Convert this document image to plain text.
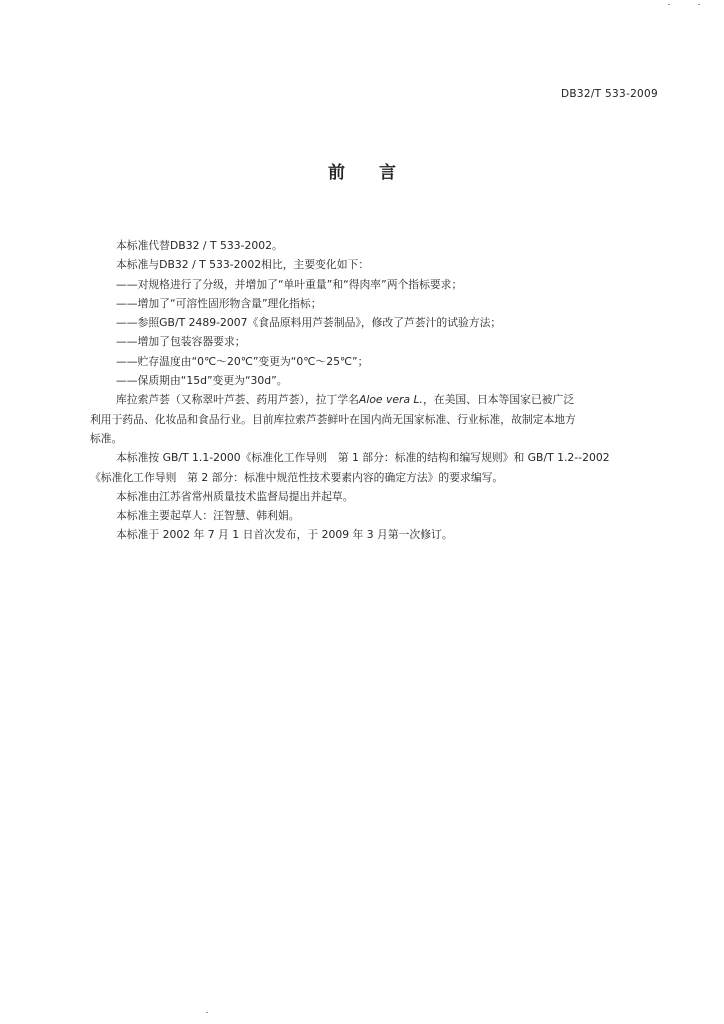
DB32/T 533-2009
前言

本标准代替DB32 / T 533-2002。

本标准与DB32 / T 533-2002相比，主要变化如下：

——对规格进行了分级，并增加了“单叶重量”和“得肉率”两个指标要求；

——增加了“可溶性固形物含量”理化指标；

——参照GB/T 2489-2007《食品原料用芦荟制品》，修改了芦荟汁的试验方法；

——增加了包装容器要求；

——贮存温度由“0℃～20℃”变更为“0℃～25℃”；

——保质期由“15d”变更为“30d”。

库拉索芦荟（又称翠叶芦荟、药用芦荟），拉丁学名Aloe vera L.，在美国、日本等国家已被广泛

利用于药品、化妆品和食品行业。目前库拉索芦荟鲜叶在国内尚无国家标准、行业标准，故制定本地方

标准。

本标准按 GB/T 1.1-2000《标准化工作导则　第 1 部分：标准的结构和编写规则》和 GB/T 1.2--2002

《标准化工作导则　第 2 部分：标准中规范性技术要素内容的确定方法》的要求编写。

本标准由江苏省常州质量技术监督局提出并起草。

本标准主要起草人：汪智慧、韩利娟。

本标准于 2002 年 7 月 1 日首次发布，于 2009 年 3 月第一次修订。
